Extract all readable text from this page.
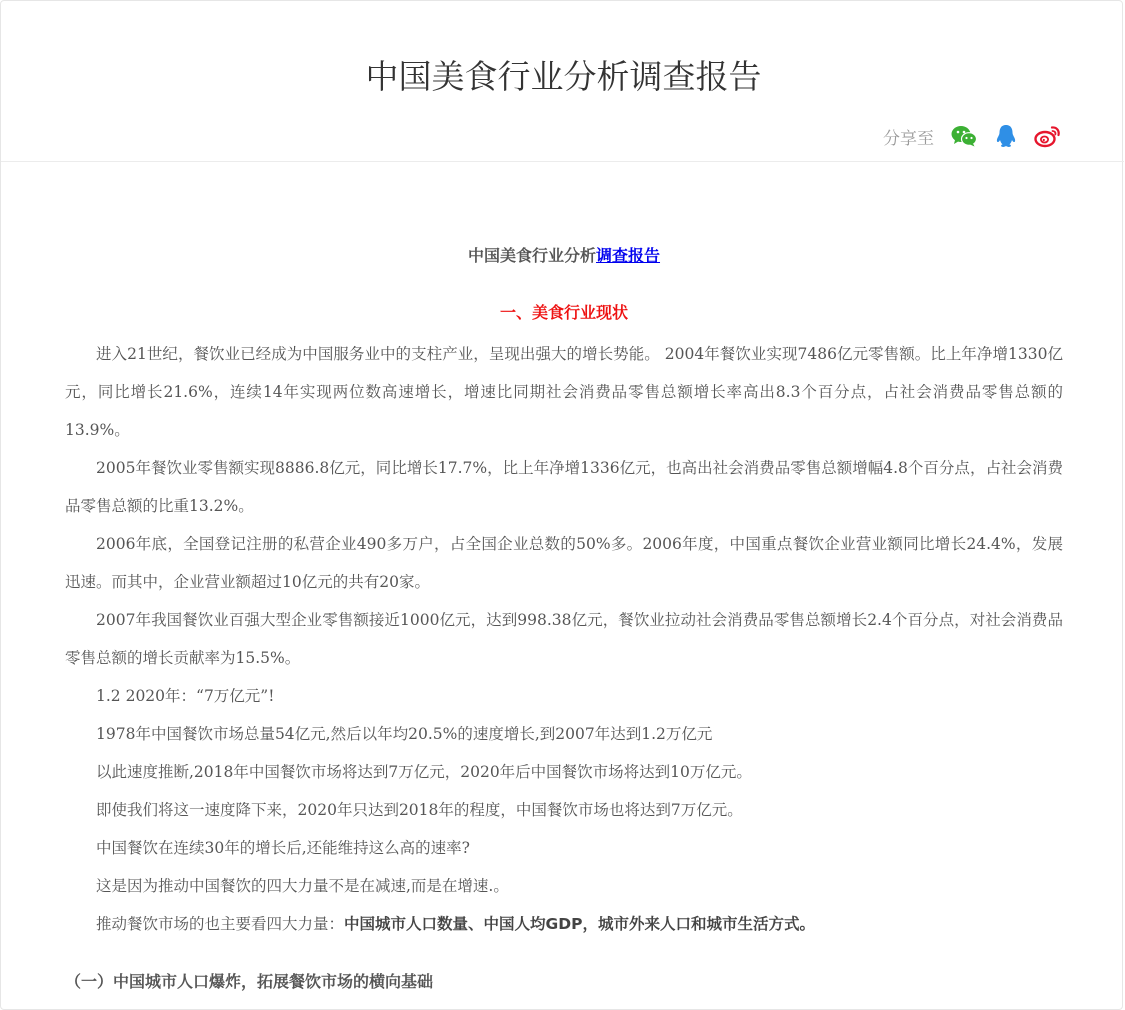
中国美食行业分析调查报告
分享至
中国美食行业分析调查报告
一、美食行业现状

进入21世纪，餐饮业已经成为中国服务业中的支柱产业，呈现出强大的增长势能。 2004年餐饮业实现7486亿元零售额。比上年净增1330亿元，同比增长21.6%，连续14年实现两位数高速增长，增速比同期社会消费品零售总额增长率高出8.3个百分点，占社会消费品零售总额的13.9%。

2005年餐饮业零售额实现8886.8亿元，同比增长17.7%，比上年净增1336亿元，也高出社会消费品零售总额增幅4.8个百分点，占社会消费品零售总额的比重13.2%。

2006年底，全国登记注册的私营企业490多万户，占全国企业总数的50%多。2006年度，中国重点餐饮企业营业额同比增长24.4%，发展迅速。而其中，企业营业额超过10亿元的共有20家。

2007年我国餐饮业百强大型企业零售额接近1000亿元，达到998.38亿元，餐饮业拉动社会消费品零售总额增长2.4个百分点，对社会消费品零售总额的增长贡献率为15.5%。

1.2 2020年：“7万亿元”!

1978年中国餐饮市场总量54亿元,然后以年均20.5%的速度增长,到2007年达到1.2万亿元

以此速度推断,2018年中国餐饮市场将达到7万亿元，2020年后中国餐饮市场将达到10万亿元。

即使我们将这一速度降下来，2020年只达到2018年的程度，中国餐饮市场也将达到7万亿元。

中国餐饮在连续30年的增长后,还能维持这么高的速率?

这是因为推动中国餐饮的四大力量不是在减速,而是在增速.。

推动餐饮市场的也主要看四大力量：中国城市人口数量、中国人均GDP，城市外来人口和城市生活方式。

（一）中国城市人口爆炸，拓展餐饮市场的横向基础
